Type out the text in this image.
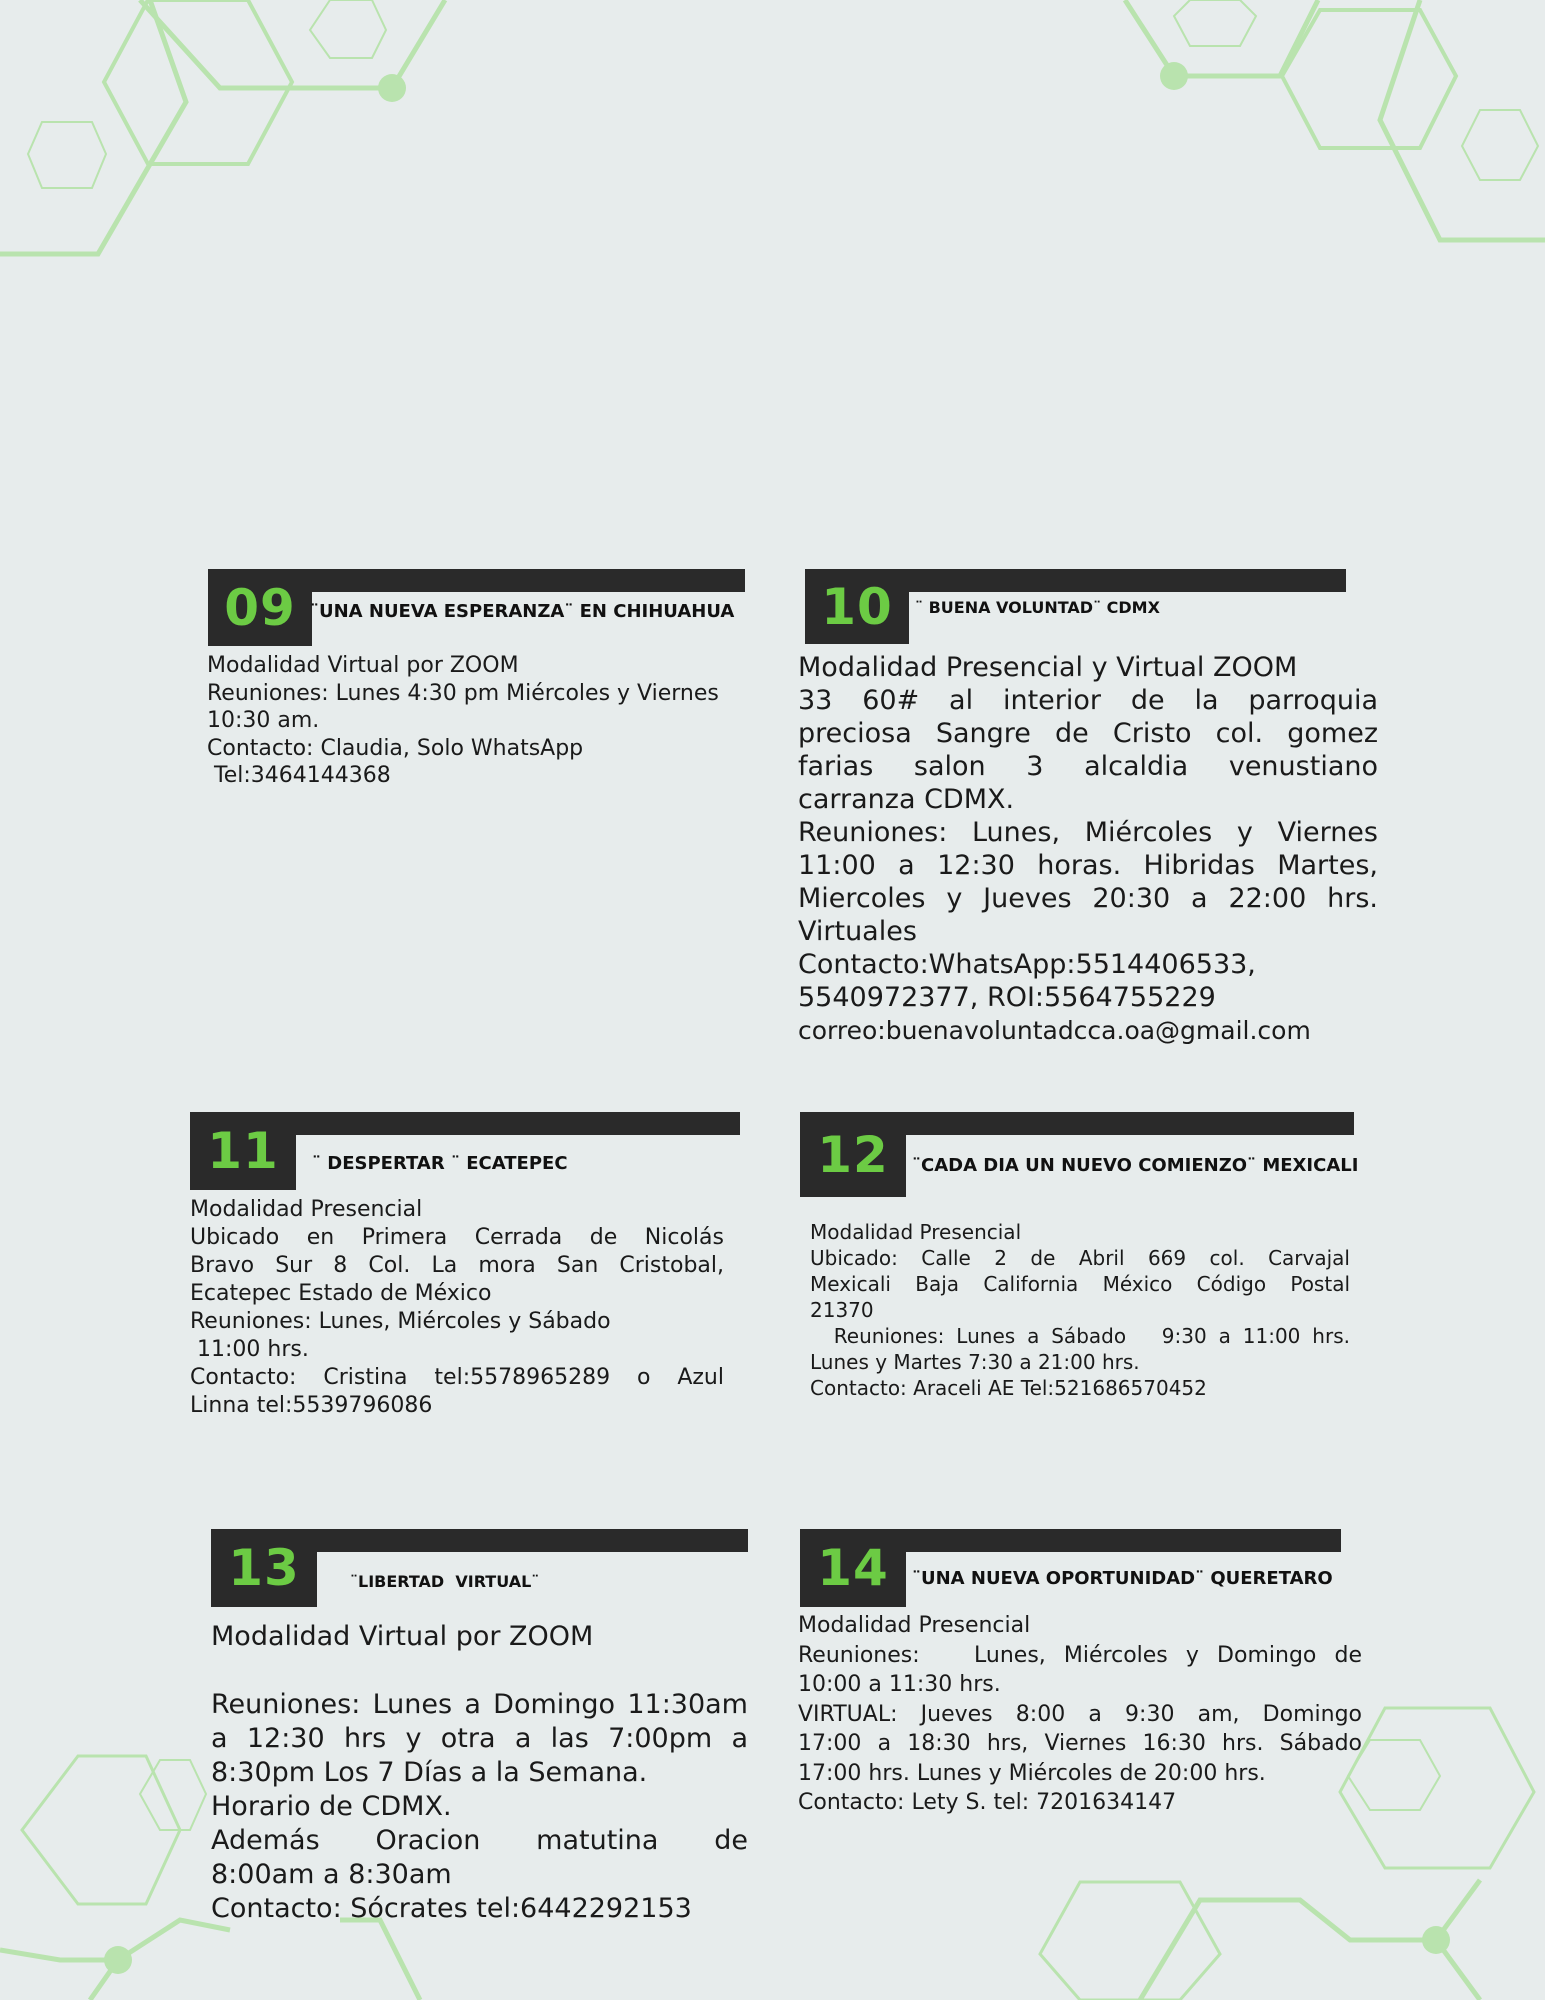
09 ¨UNA NUEVA ESPERANZA¨ EN CHIHUAHUA
Modalidad Virtual por ZOOM
Reuniones: Lunes 4:30 pm Miércoles y Viernes
10:30 am.
Contacto: Claudia, Solo WhatsApp
Tel:3464144368
10	¨ BUENA VOLUNTAD¨ CDMX
Modalidad Presencial y Virtual ZOOM
33 60# al interior de la parroquia
preciosa Sangre de Cristo col. gomez
farias salon 3 alcaldia venustiano
carranza CDMX.
Reuniones: Lunes, Miércoles y Viernes
11:00 a 12:30 horas. Hibridas Martes,
Miercoles y Jueves 20:30 a 22:00 hrs.
Virtuales
Contacto:WhatsApp:5514406533,
5540972377, ROI:5564755229
correo:buenavoluntadcca.oa@gmail.com
11	¨ DESPERTAR ¨ ECATEPEC
Modalidad Presencial
Ubicado en Primera Cerrada de Nicolás
Bravo Sur 8 Col. La mora San Cristobal,
Ecatepec Estado de México
Reuniones: Lunes, Miércoles y Sábado
11:00 hrs.
Contacto: Cristina tel:5578965289 o Azul
Linna tel:5539796086
12	¨CADA DIA UN NUEVO COMIENZO¨ MEXICALI
Modalidad Presencial
Ubicado: Calle 2 de Abril 669 col. Carvajal
Mexicali Baja California México Código Postal
21370
Reuniones: Lunes a Sábado   9:30 a 11:00 hrs.
Lunes y Martes 7:30 a 21:00 hrs.
Contacto: Araceli AE Tel:521686570452
13	¨LIBERTAD  VIRTUAL¨
Modalidad Virtual por ZOOM
Reuniones: Lunes a Domingo 11:30am
a 12:30 hrs y otra a las 7:00pm a
8:30pm Los 7 Días a la Semana.
Horario de CDMX.
Además Oracion matutina de
8:00am a 8:30am
Contacto: Sócrates tel:6442292153
14	¨UNA NUEVA OPORTUNIDAD¨ QUERETARO
Modalidad Presencial
Reuniones:   Lunes, Miércoles y Domingo de
10:00 a 11:30 hrs.
VIRTUAL: Jueves 8:00 a 9:30 am, Domingo
17:00 a 18:30 hrs, Viernes 16:30 hrs. Sábado
17:00 hrs. Lunes y Miércoles de 20:00 hrs.
Contacto: Lety S. tel: 7201634147
